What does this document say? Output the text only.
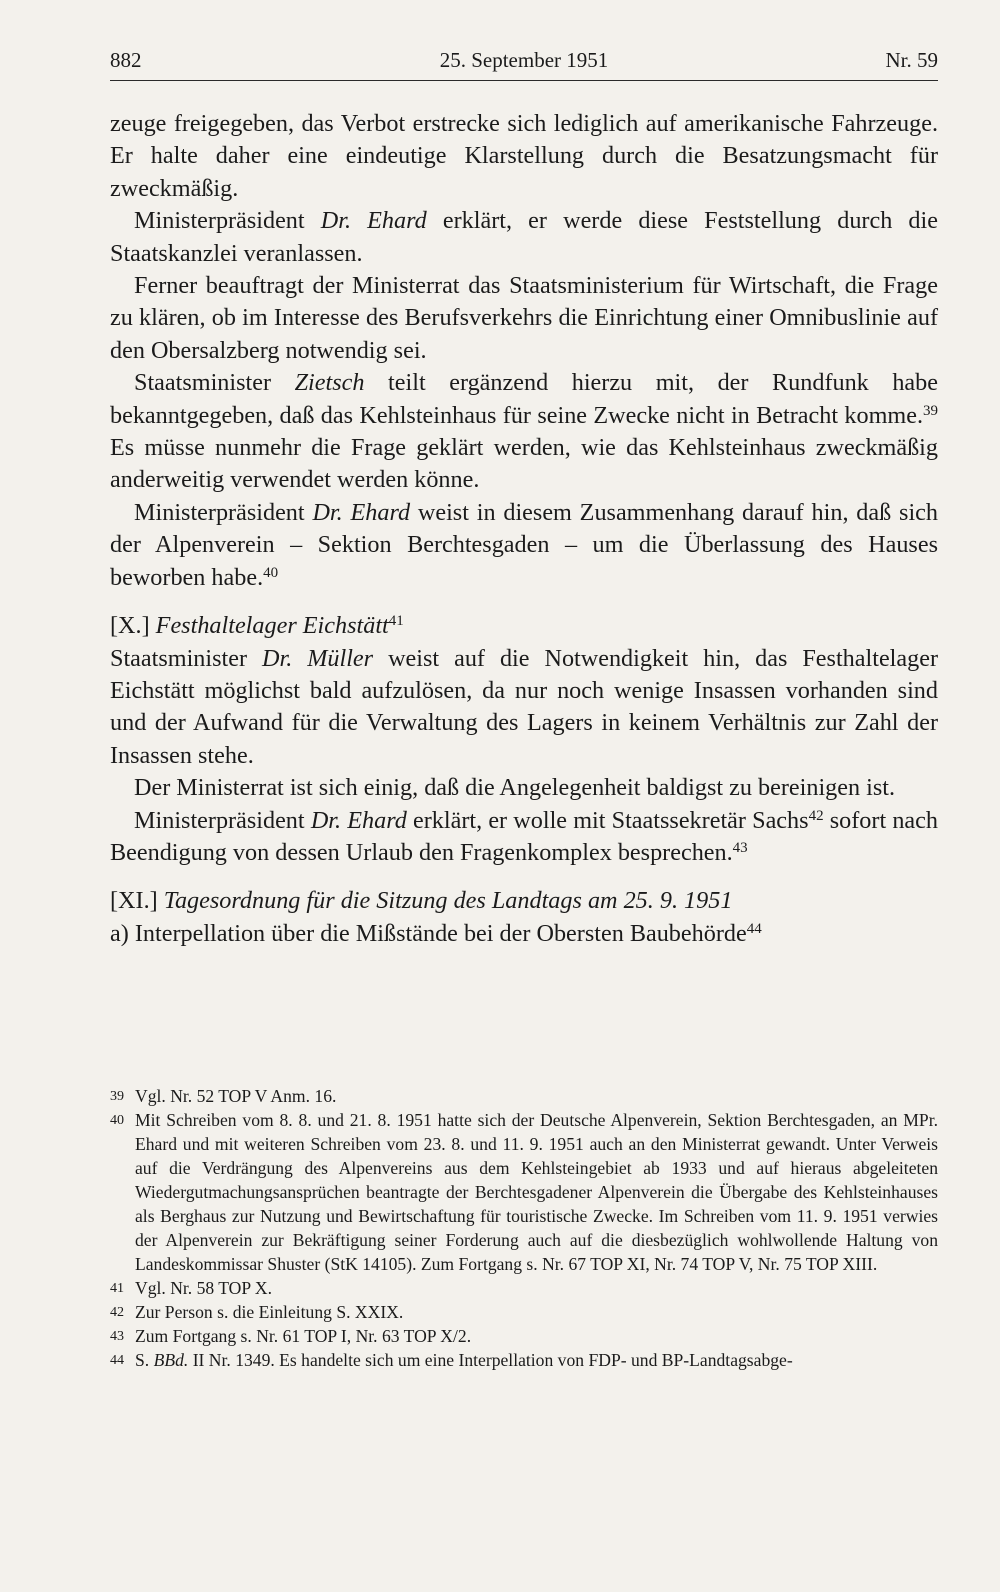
882	25. September 1951	Nr. 59

zeuge freigegeben, das Verbot erstrecke sich lediglich auf amerikanische Fahrzeuge. Er halte daher eine eindeutige Klarstellung durch die Besatzungsmacht für zweckmäßig.

Ministerpräsident Dr. Ehard erklärt, er werde diese Feststellung durch die Staatskanzlei veranlassen.

Ferner beauftragt der Ministerrat das Staatsministerium für Wirtschaft, die Frage zu klären, ob im Interesse des Berufsverkehrs die Einrichtung einer Omnibuslinie auf den Obersalzberg notwendig sei.

Staatsminister Zietsch teilt ergänzend hierzu mit, der Rundfunk habe bekanntgegeben, daß das Kehlsteinhaus für seine Zwecke nicht in Betracht komme.$^{39}$ Es müsse nunmehr die Frage geklärt werden, wie das Kehlsteinhaus zweckmäßig anderweitig verwendet werden könne.

Ministerpräsident Dr. Ehard weist in diesem Zusammenhang darauf hin, daß sich der Alpenverein – Sektion Berchtesgaden – um die Überlassung des Hauses beworben habe.$^{40}$

[X.] Festhaltelager Eichstätt$^{41}$

Staatsminister Dr. Müller weist auf die Notwendigkeit hin, das Festhaltelager Eichstätt möglichst bald aufzulösen, da nur noch wenige Insassen vorhanden sind und der Aufwand für die Verwaltung des Lagers in keinem Verhältnis zur Zahl der Insassen stehe.

Der Ministerrat ist sich einig, daß die Angelegenheit baldigst zu bereinigen ist.

Ministerpräsident Dr. Ehard erklärt, er wolle mit Staatssekretär Sachs$^{42}$ sofort nach Beendigung von dessen Urlaub den Fragenkomplex besprechen.$^{43}$

[XI.] Tagesordnung für die Sitzung des Landtags am 25. 9. 1951

a) Interpellation über die Mißstände bei der Obersten Baubehörde$^{44}$

39 Vgl. Nr. 52 TOP V Anm. 16.
40 Mit Schreiben vom 8. 8. und 21. 8. 1951 hatte sich der Deutsche Alpenverein, Sektion Berchtesgaden, an MPr. Ehard und mit weiteren Schreiben vom 23. 8. und 11. 9. 1951 auch an den Ministerrat gewandt. Unter Verweis auf die Verdrängung des Alpenvereins aus dem Kehlsteingebiet ab 1933 und auf hieraus abgeleiteten Wiedergutmachungsansprüchen beantragte der Berchtesgadener Alpenverein die Übergabe des Kehlsteinhauses als Berghaus zur Nutzung und Bewirtschaftung für touristische Zwecke. Im Schreiben vom 11. 9. 1951 verwies der Alpenverein zur Bekräftigung seiner Forderung auch auf die diesbezüglich wohlwollende Haltung von Landeskommissar Shuster (StK 14105). Zum Fortgang s. Nr. 67 TOP XI, Nr. 74 TOP V, Nr. 75 TOP XIII.
41 Vgl. Nr. 58 TOP X.
42 Zur Person s. die Einleitung S. XXIX.
43 Zum Fortgang s. Nr. 61 TOP I, Nr. 63 TOP X/2.
44 S. BBd. II Nr. 1349. Es handelte sich um eine Interpellation von FDP- und BP-Landtagsabge-
